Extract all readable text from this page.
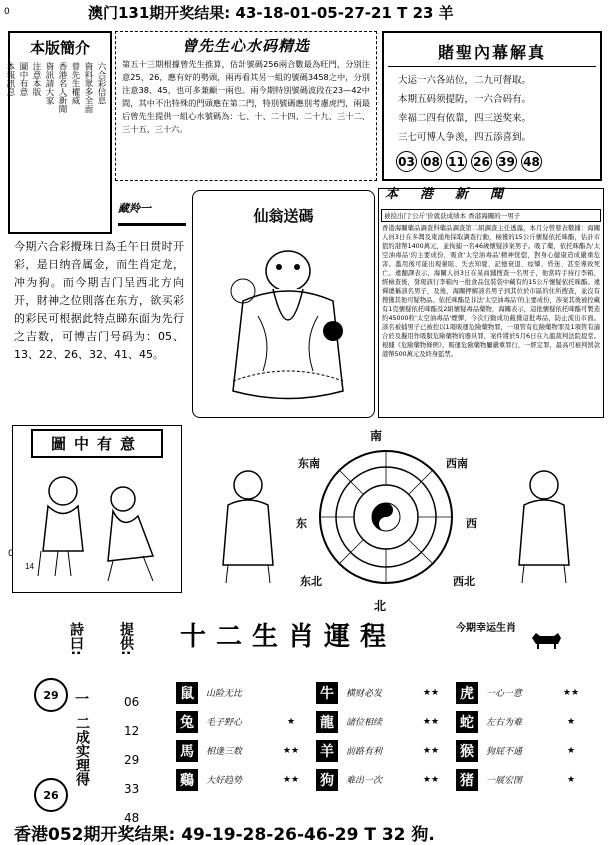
0
0
澳门131期开奖结果: 43-18-01-05-27-21 T 23 羊
本版簡介
六合彩信息
資料眾多全面
曾先生權威
香港名人新聞
資訊請大家
注意本版
圖中有意
本報訊息
曾先生心水码精选
第五十三期根據曾先生推算，估計號碼256兩合數最為旺門，分別注意25、26，應有好的勢頭，兩再看其另一組的號碼3458之中，分別注意38、45，也可多兼顧一兩也。兩今期特別號碼波段在23—42中間，其中不出特殊的門頭應在第二門，特別號碼應別考慮虎門，兩最后曾先生提供一組心水號碼為：七、十、二十四、二十九、三十二、三十五、三十六。
賭聖內幕解真
大运一六各站位，二九可督取。
本期五码须提防，一六合码有。
幸福二四有依靠，四三送奖来。
三七可博人争羡，四五添喜到。
03 08 11 26 39 48
藏羚一
今期六合彩攪珠日為壬午日贯时开彩，是日纳音属金，而生肖定龙，冲为狗。而今期吉门呈西北方向开，財神之位則落在东方，欲买彩的彩民可根据此特点睇东面为先行之吉数，可博吉门号码为：05、13、22、26、32、41、45。
仙翁送碼
本港新聞
被捡出门‘公斤’价就获成绩本 香港海關的一男子
香港海關藥品調查科藥品調查第二組調查主任透露，本月分曾發表數據：海關人員3日在多灣及東涌角採取調查行動，檢獲的15公斤懷疑依托咪酯，估計市值約港幣1400萬元，並拘捕一名46歲懷疑涉案男子。吸了藥，依托咪酯為'太空油毒品'的主要成份，吸食'太空油毒品'精神恍惚，對身心健康造成嚴重危害。濫用後可能出現暈眩、失去知覺、記憶衰退、痙攣、昏迷、甚至導致死亡。違翻譯表示，海關人員3日在某商鋪搜查一名男子，他當時手持行李箱，經檢查後，發現該行李箱內一批食品包裝袋中藏有約15公斤懷疑依托咪酯。違禪總稱該名男子，及後，海關押解該名男子到其位於市區的住所搜查，並沒有搜獲其他可疑物品。依托咪酯是非法'太空油毒品'的主要成份，涉案其後被控藏有1克懷疑依托咪酯及2組懷疑毒品藥物，海關表示，這批懷疑依托咪酯可製造約45000粒'太空油毒品'煙彈，今次行動成功截獲這批毒品，防止流出市面。該名被捕男子已被控以1項販運危險藥物罪，一項管有危險藥物罪及1項管有適合於及擬用作吸服危險藥物的器具罪，案件將於5月6日在九龍裁判法院提堂。根據《危險藥物條例》，販運危險藥物屬嚴重罪行，一經定罪，最高可被判罰款港幣500萬元及終身監禁。
圖中有意
14
南
东南	西南
东	西
东北	西北
北
詩曰:
29
26
一
二成
实理
得
提供:
06
12
29
33
48
十二生肖運程	今期幸运生肖
鼠	山险无比	牛	横财必发	★★	虎	一心一意	★★
兔	毛子野心	★	龍	諸位相续	★★	蛇	左右为难	★
馬	相逢三数	★★	羊	前路有利	★★	猴	狗屁不通	★
鷄	大好趋势	★★	狗	难出一次	★★	猪	一展宏图	★
香港052期开奖结果: 49-19-28-26-46-29 T 32 狗.
